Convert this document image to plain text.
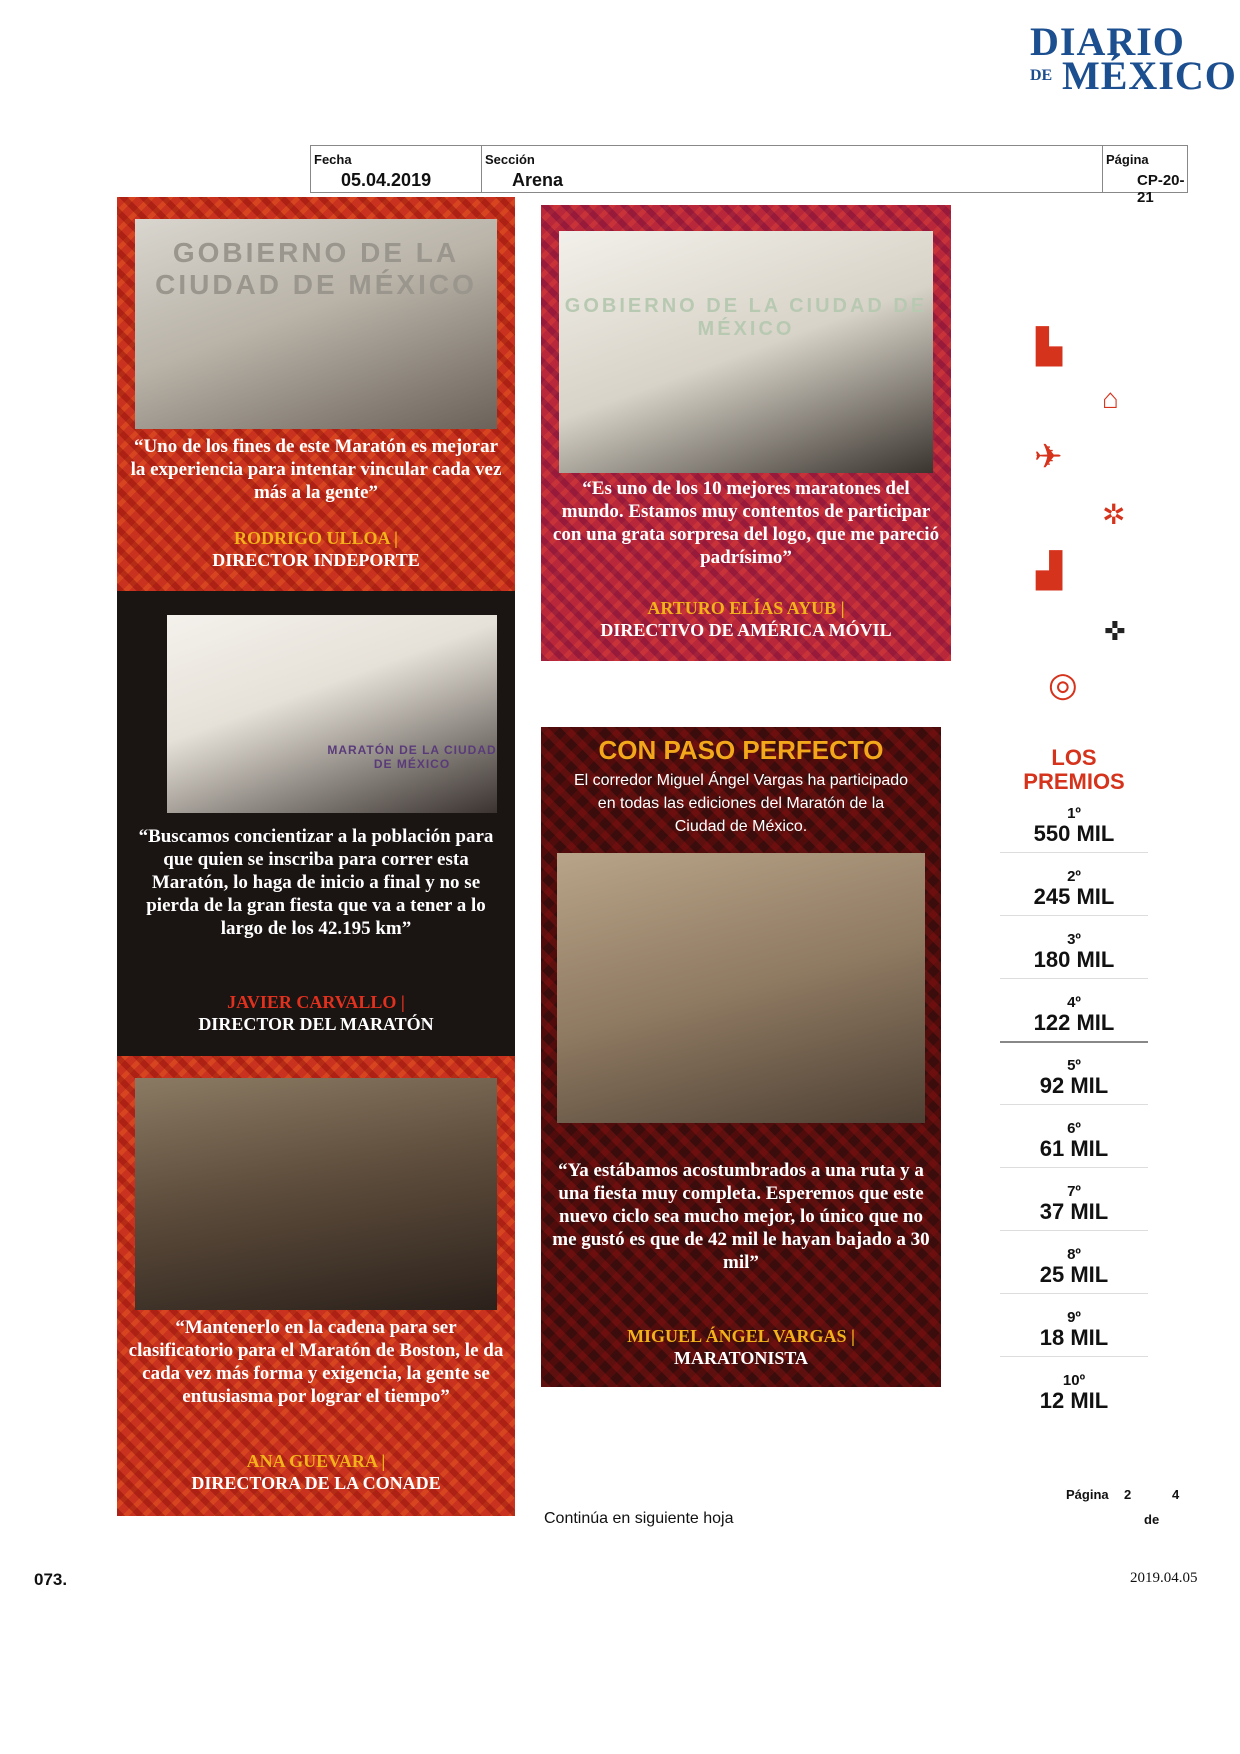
DIARIO
DE MÉXICO
Fecha
05.04.2019
Sección
Arena
Página
CP-20-21
GOBIERNO DE LA CIUDAD DE MÉXICO
“Uno de los fines de este Maratón es mejorar la experiencia para intentar vincular cada vez más a la gente”
RODRIGO ULLOA |
DIRECTOR INDEPORTE
MARATÓN DE LA CIUDAD DE MÉXICO
“Buscamos concientizar a la población para que quien se inscriba para correr esta Maratón, lo haga de inicio a final y no se pierda de la gran fiesta que va a tener a lo largo de los 42.195 km”
JAVIER CARVALLO |
DIRECTOR DEL MARATÓN
“Mantenerlo en la cadena para ser clasificatorio para el Maratón de Boston, le da cada vez más forma y exigencia, la gente se entusiasma por lograr el tiempo”
ANA GUEVARA |
DIRECTORA DE LA CONADE
GOBIERNO DE LA CIUDAD DE MÉXICO
“Es uno de los 10 mejores maratones del mundo. Estamos muy contentos de participar con una grata sorpresa del logo, que me pareció padrísimo”
ARTURO ELÍAS AYUB |
DIRECTIVO DE AMÉRICA MÓVIL
CON PASO PERFECTO
El corredor Miguel Ángel Vargas ha participado en todas las ediciones del Maratón de la Ciudad de México.
“Ya estábamos acostumbrados a una ruta y a una fiesta muy completa. Esperemos que este nuevo ciclo sea mucho mejor, lo único que no me gustó es que de 42 mil le hayan bajado a 30 mil”
MIGUEL ÁNGEL VARGAS |
MARATONISTA
▙
⌂
✈
✲
▟
✜
◎
LOS PREMIOS
1º
550 MIL
2º
245 MIL
3º
180 MIL
4º
122 MIL
5º
92 MIL
6º
61 MIL
7º
37 MIL
8º
25 MIL
9º
18 MIL
10º
12 MIL
Página 2	4
de
Continúa en siguiente hoja
073.	2019.04.05
